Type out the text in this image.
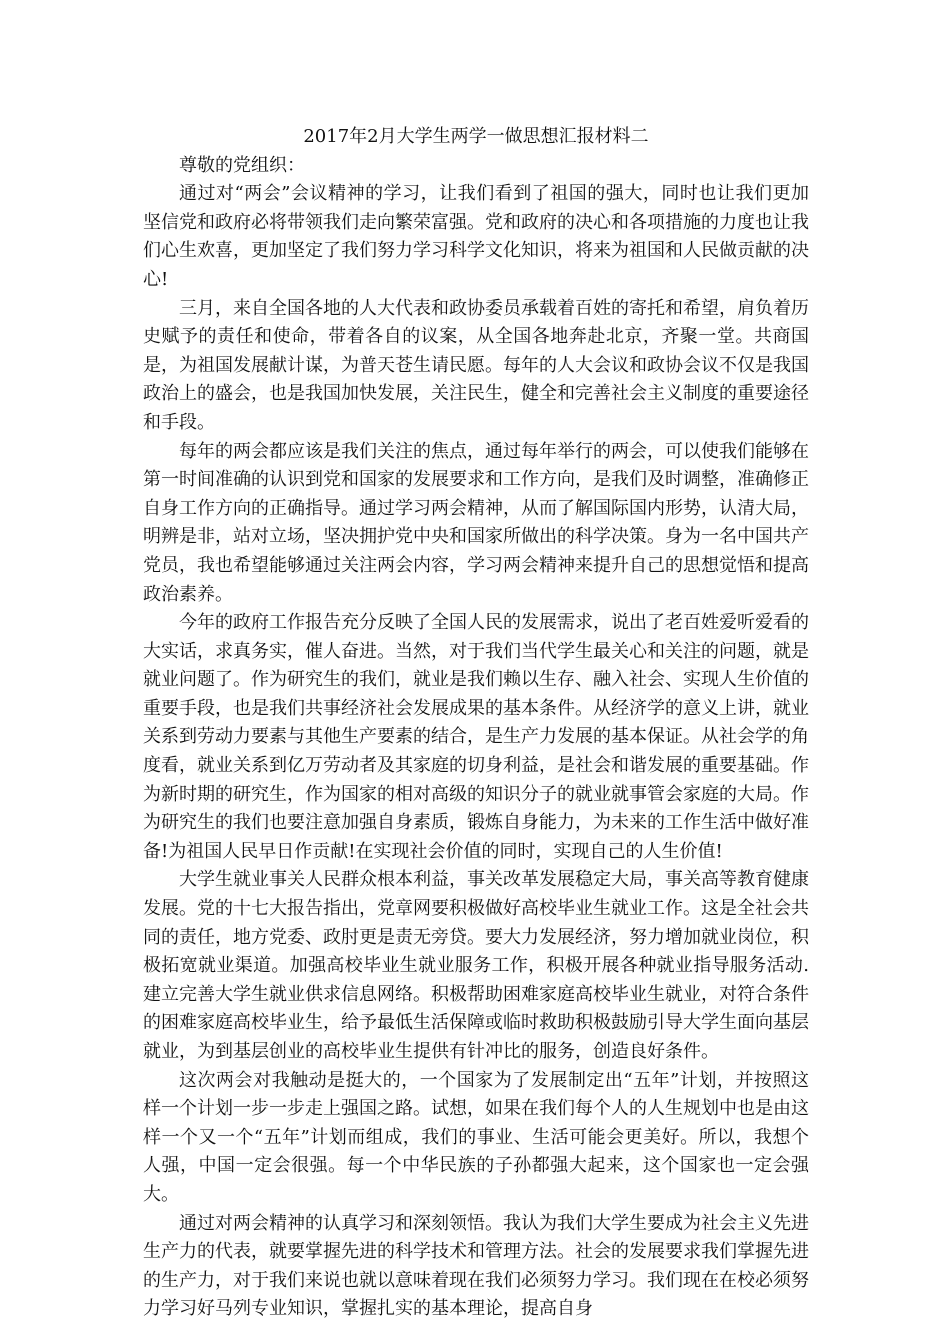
2017年2月大学生两学一做思想汇报材料二

尊敬的党组织：

通过对“两会”会议精神的学习，让我们看到了祖国的强大，同时也让我们更加坚信党和政府必将带领我们走向繁荣富强。党和政府的决心和各项措施的力度也让我们心生欢喜，更加坚定了我们努力学习科学文化知识，将来为祖国和人民做贡献的决心!

三月，来自全国各地的人大代表和政协委员承载着百姓的寄托和希望，肩负着历史赋予的责任和使命，带着各自的议案，从全国各地奔赴北京，齐聚一堂。共商国是，为祖国发展献计谋，为普天苍生请民愿。每年的人大会议和政协会议不仅是我国政治上的盛会，也是我国加快发展，关注民生，健全和完善社会主义制度的重要途径和手段。

每年的两会都应该是我们关注的焦点，通过每年举行的两会，可以使我们能够在第一时间准确的认识到党和国家的发展要求和工作方向，是我们及时调整，准确修正自身工作方向的正确指导。通过学习两会精神，从而了解国际国内形势，认清大局，明辨是非，站对立场，坚决拥护党中央和国家所做出的科学决策。身为一名中国共产党员，我也希望能够通过关注两会内容，学习两会精神来提升自己的思想觉悟和提高政治素养。

今年的政府工作报告充分反映了全国人民的发展需求，说出了老百姓爱听爱看的大实话，求真务实，催人奋进。当然，对于我们当代学生最关心和关注的问题，就是就业问题了。作为研究生的我们，就业是我们赖以生存、融入社会、实现人生价值的重要手段，也是我们共事经济社会发展成果的基本条件。从经济学的意义上讲，就业关系到劳动力要素与其他生产要素的结合，是生产力发展的基本保证。从社会学的角度看，就业关系到亿万劳动者及其家庭的切身利益，是社会和谐发展的重要基础。作为新时期的研究生，作为国家的相对高级的知识分子的就业就事管会家庭的大局。作为研究生的我们也要注意加强自身素质，锻炼自身能力，为未来的工作生活中做好准备!为祖国人民早日作贡献!在实现社会价值的同时，实现自己的人生价值!

大学生就业事关人民群众根本利益，事关改革发展稳定大局，事关高等教育健康发展。党的十七大报告指出，党章网要积极做好高校毕业生就业工作。这是全社会共同的责任，地方党委、政肘更是责无旁贷。要大力发展经济，努力增加就业岗位，积极拓宽就业渠道。加强高校毕业生就业服务工作，积极开展各种就业指导服务活动.建立完善大学生就业供求信息网络。积极帮助困难家庭高校毕业生就业，对符合条件的困难家庭高校毕业生，给予最低生活保障或临时救助积极鼓励引导大学生面向基层就业，为到基层创业的高校毕业生提供有针冲比的服务，创造良好条件。

这次两会对我触动是挺大的，一个国家为了发展制定出“五年”计划，并按照这样一个计划一步一步走上强国之路。试想，如果在我们每个人的人生规划中也是由这样一个又一个“五年”计划而组成，我们的事业、生活可能会更美好。所以，我想个人强，中国一定会很强。每一个中华民族的子孙都强大起来，这个国家也一定会强大。

通过对两会精神的认真学习和深刻领悟。我认为我们大学生要成为社会主义先进生产力的代表，就要掌握先进的科学技术和管理方法。社会的发展要求我们掌握先进的生产力，对于我们来说也就以意味着现在我们必须努力学习。我们现在在校必须努力学习好马列专业知识，掌握扎实的基本理论，提高自身
